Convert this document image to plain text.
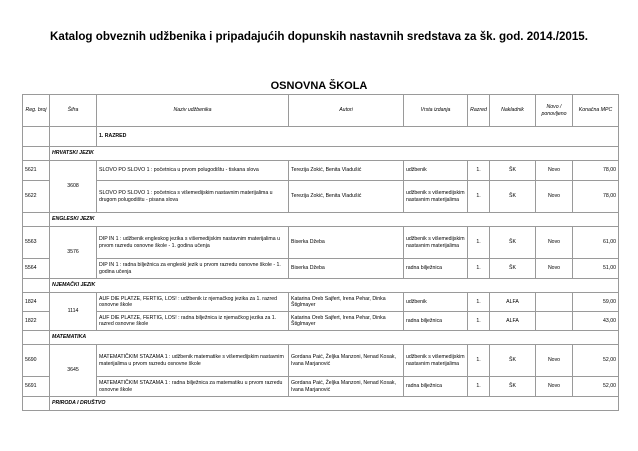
Katalog obveznih udžbenika i pripadajućih dopunskih nastavnih sredstava za šk. god. 2014./2015.
OSNOVNA ŠKOLA
Reg. broj	Šifra	Naziv udžbenika	Autori	Vrsta izdanja	Razred	Nakladnik	Novo / ponovljeno	Konačna MPC
		1. RAZRED						
	HRVATSKI JEZIK							
5621	3608	SLOVO PO SLOVO 1 : početnica u prvom polugodištu - tiskana slova	Terezija Zokić, Benita Vladušić	udžbenik	1.	ŠK	Novo	78,00
5622		SLOVO PO SLOVO 1 : početnica s višemedijskim nastavnim materijalima u drugom polugodištu - pisana slova	Terezija Zokić, Benita Vladušić	udžbenik s višemedijskim nastavnim materijalima	1.	ŠK	Novo	78,00
	ENGLESKI JEZIK							
5563	3576	DIP IN 1 : udžbenik engleskog jezika s višemedijskim nastavnim materijalima u prvom razredu osnovne škole - 1. godina učenja	Biserka Džeba	udžbenik s višemedijskim nastavnim materijalima	1.	ŠK	Novo	61,00
5564		DIP IN 1 : radna bilježnica za engleski jezik u prvom razredu osnovne škole - 1. godina učenja	Biserka Džeba	radna bilježnica	1.	ŠK	Novo	51,00
	NJEMAČKI JEZIK							
1824	1114	AUF DIE PLATZE, FERTIG, LOS! : udžbenik iz njemačkog jezika za 1. razred osnovne škole	Katarina Oreb Sajfert, Irena Pehar, Dinka Štiglmayer	udžbenik	1.	ALFA		59,00
1822		AUF DIE PLATZE, FERTIG, LOS! : radna bilježnica iz njemačkog jezika za 1. razred osnovne škole	Katarina Oreb Sajfert, Irena Pehar, Dinka Štiglmayer	radna bilježnica	1.	ALFA		43,00
	MATEMATIKA							
5690	3645	MATEMATIČKIM STAZAMA 1 : udžbenik matematike s višemedijskim nastavnim materijalima u prvom razredu osnovne škole	Gordana Paić, Željka Manzoni, Nenad Kosak, Ivana Marjanović	udžbenik s višemedijskim nastavnim materijalima	1.	ŠK	Novo	52,00
5691		MATEMATIČKIM STAZAMA 1 : radna bilježnica za matematiku u prvom razredu osnovne škole	Gordana Paić, Željka Manzoni, Nenad Kosak, Ivana Marjanović	radna bilježnica	1.	ŠK	Novo	52,00
	PRIRODA I DRUŠTVO							
